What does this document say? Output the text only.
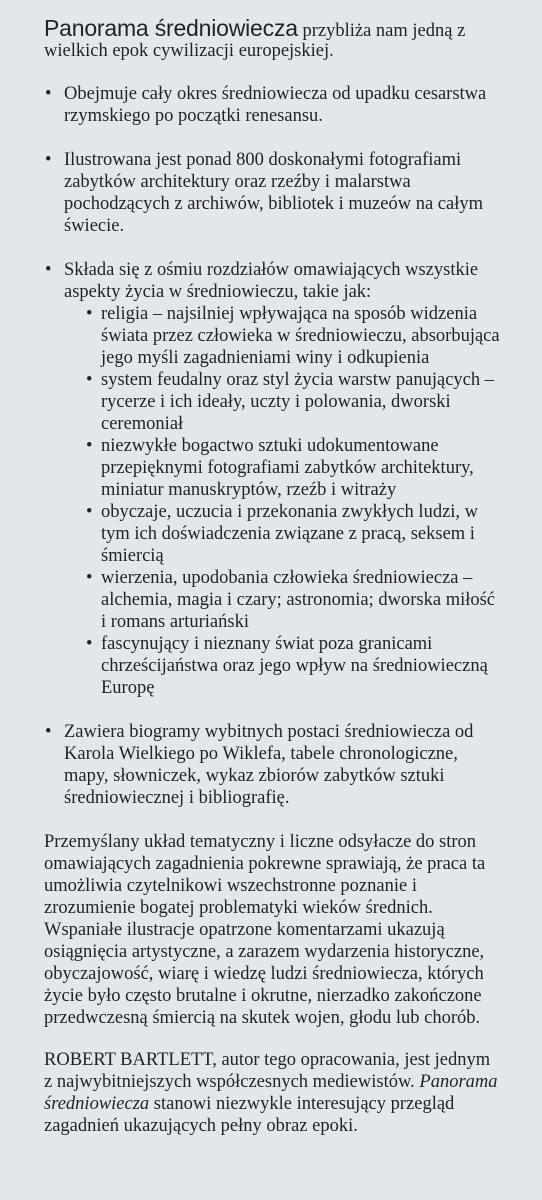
Panorama średniowiecza przybliża nam jedną z wielkich epok cywilizacji europejskiej.

• Obejmuje cały okres średniowiecza od upadku cesarstwa rzymskiego po początki renesansu.
• Ilustrowana jest ponad 800 doskonałymi fotografiami zabytków architektury oraz rzeźby i malarstwa pochodzących z archiwów, bibliotek i muzeów na całym świecie.
• Składa się z ośmiu rozdziałów omawiających wszystkie aspekty życia w średniowieczu, takie jak:
• religia – najsilniej wpływająca na sposób widzenia świata przez człowieka w średniowieczu, absorbująca jego myśli zagadnieniami winy i odkupienia
• system feudalny oraz styl życia warstw panujących – rycerze i ich ideały, uczty i polowania, dworski ceremoniał
• niezwykłe bogactwo sztuki udokumentowane przepięknymi fotografiami zabytków architektury, miniatur manuskryptów, rzeźb i witraży
• obyczaje, uczucia i przekonania zwykłych ludzi, w tym ich doświadczenia związane z pracą, seksem i śmiercią
• wierzenia, upodobania człowieka średniowiecza – alchemia, magia i czary; astronomia; dworska miłość i romans arturiański
• fascynujący i nieznany świat poza granicami chrześcijaństwa oraz jego wpływ na średniowieczną Europę
• Zawiera biogramy wybitnych postaci średniowiecza od Karola Wielkiego po Wiklefa, tabele chronologiczne, mapy, słowniczek, wykaz zbiorów zabytków sztuki średniowiecznej i bibliografię.

Przemyślany układ tematyczny i liczne odsyłacze do stron omawiających zagadnienia pokrewne sprawiają, że praca ta umożliwia czytelnikowi wszechstronne poznanie i zrozumienie bogatej problematyki wieków średnich. Wspaniałe ilustracje opatrzone komentarzami ukazują osiągnięcia artystyczne, a zarazem wydarzenia historyczne, obyczajowość, wiarę i wiedzę ludzi średniowiecza, których życie było często brutalne i okrutne, nierzadko zakończone przedwczesną śmiercią na skutek wojen, głodu lub chorób.

ROBERT BARTLETT, autor tego opracowania, jest jednym z najwybitniejszych współczesnych mediewistów. Panorama średniowiecza stanowi niezwykle interesujący przegląd zagadnień ukazujących pełny obraz epoki.
